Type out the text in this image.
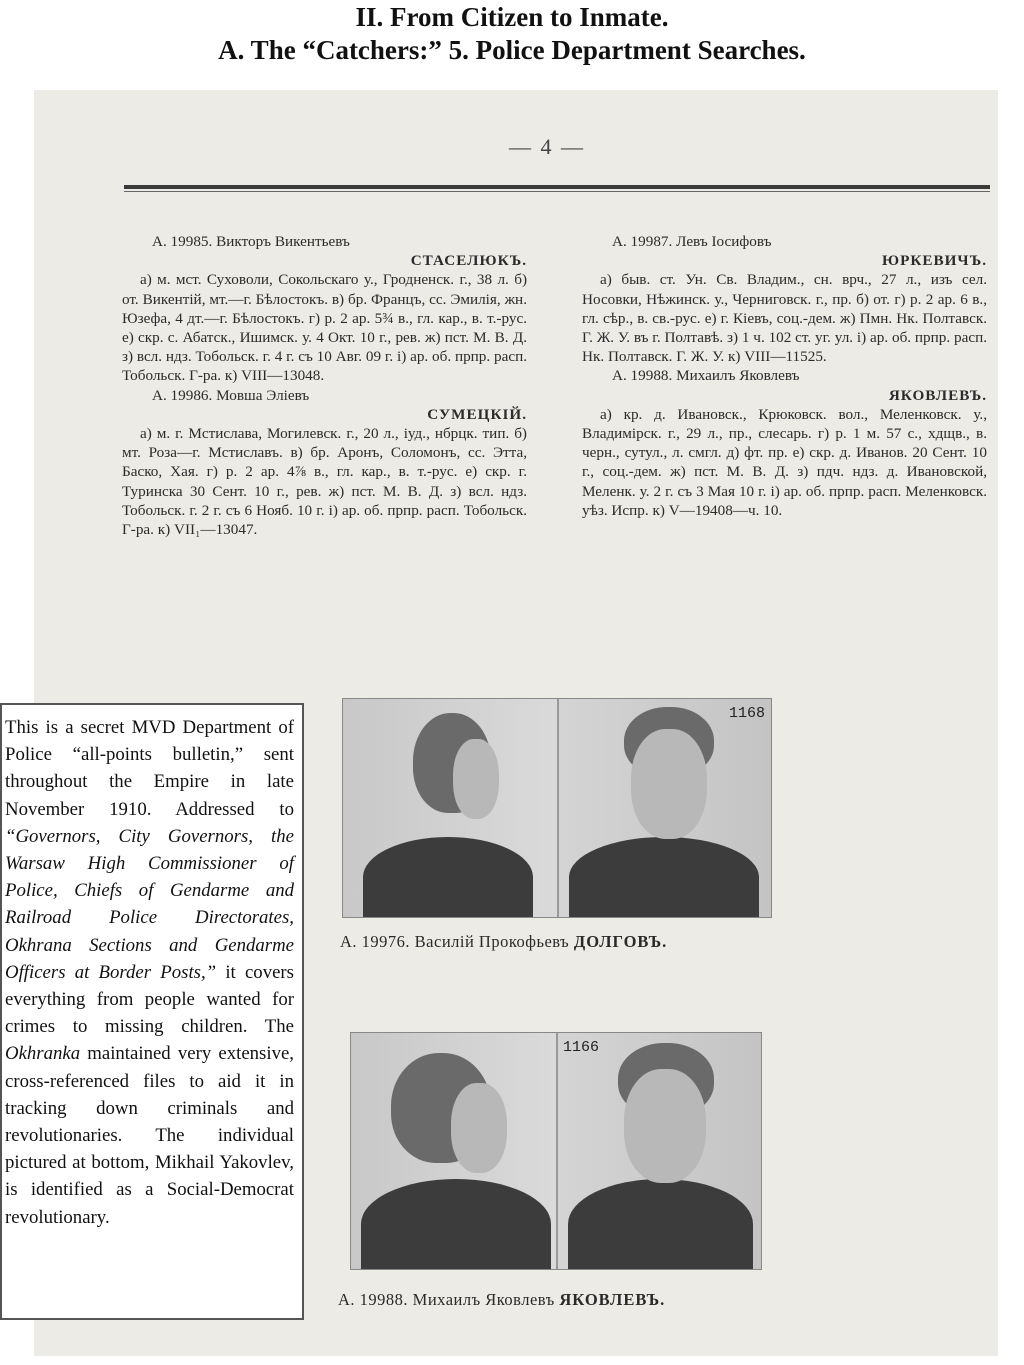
II. From Citizen to Inmate.
A. The “Catchers:” 5. Police Department Searches.
— 4 —

А. 19985. Викторъ Викентьевъ

СТАСЕЛЮКЪ.

а) м. мст. Суховоли, Сокольскаго у., Гродненск. г., 38 л. б) от. Викентій, мт.—г. Бѣлостокъ. в) бр. Францъ, сс. Эмилія, жн. Юзефа, 4 дт.—г. Бѣлостокъ. г) р. 2 ар. 5¾ в., гл. кар., в. т.-рус. е) скр. с. Абатск., Ишимск. у. 4 Окт. 10 г., рев. ж) пст. М. В. Д. з) всл. ндз. Тобольск. г. 4 г. съ 10 Авг. 09 г. і) ар. об. прпр. расп. Тобольск. Г-ра. к) VIII—13048.

А. 19986. Мовша Эліевъ

СУМЕЦКІЙ.

а) м. г. Мстислава, Могилевск. г., 20 л., іуд., нбрцк. тип. б) мт. Роза—г. Мстиславъ. в) бр. Аронъ, Соломонъ, сс. Этта, Баско, Хая. г) р. 2 ар. 4⅞ в., гл. кар., в. т.-рус. е) скр. г. Туринска 30 Сент. 10 г., рев. ж) пст. М. В. Д. з) всл. ндз. Тобольск. г. 2 г. съ 6 Нояб. 10 г. і) ар. об. прпр. расп. Тобольск. Г-ра. к) VII₁—13047.

А. 19987. Левъ Іосифовъ

ЮРКЕВИЧЪ.

а) быв. ст. Ун. Св. Владим., сн. врч., 27 л., изъ сел. Носовки, Нѣжинск. у., Черниговск. г., пр. б) от. г) р. 2 ар. 6 в., гл. сѣр., в. св.-рус. е) г. Кіевъ, соц.-дем. ж) Пмн. Нк. Полтавск. Г. Ж. У. въ г. Полтавѣ. з) 1 ч. 102 ст. уг. ул. і) ар. об. прпр. расп. Нк. Полтавск. Г. Ж. У. к) VIII—11525.

А. 19988. Михаилъ Яковлевъ

ЯКОВЛЕВЪ.

а) кр. д. Ивановск., Крюковск. вол., Меленковск. у., Владимірск. г., 29 л., пр., слесарь. г) р. 1 м. 57 с., хдщв., в. черн., сутул., л. смгл. д) фт. пр. е) скр. д. Иванов. 20 Сент. 10 г., соц.-дем. ж) пст. М. В. Д. з) пдч. ндз. д. Ивановской, Меленк. у. 2 г. съ 3 Мая 10 г. і) ар. об. прпр. расп. Меленковск. уѣз. Испр. к) V—19408—ч. 10.

1168
А. 19976. Василій Прокофьевъ ДОЛГОВЪ.
1166
А. 19988. Михаилъ Яковлевъ ЯКОВЛЕВЪ.

This is a secret MVD Department of Police “all-points bulletin,” sent throughout the Empire in late November 1910. Addressed to “Governors, City Governors, the Warsaw High Commissioner of Police, Chiefs of Gendarme and Railroad Police Directorates, Okhrana Sections and Gendarme Officers at Border Posts,” it covers everything from people wanted for crimes to missing children. The Okhranka maintained very extensive, cross-referenced files to aid it in tracking down criminals and revolutionaries. The individual pictured at bottom, Mikhail Yakovlev, is identified as a Social-Democrat revolutionary.
